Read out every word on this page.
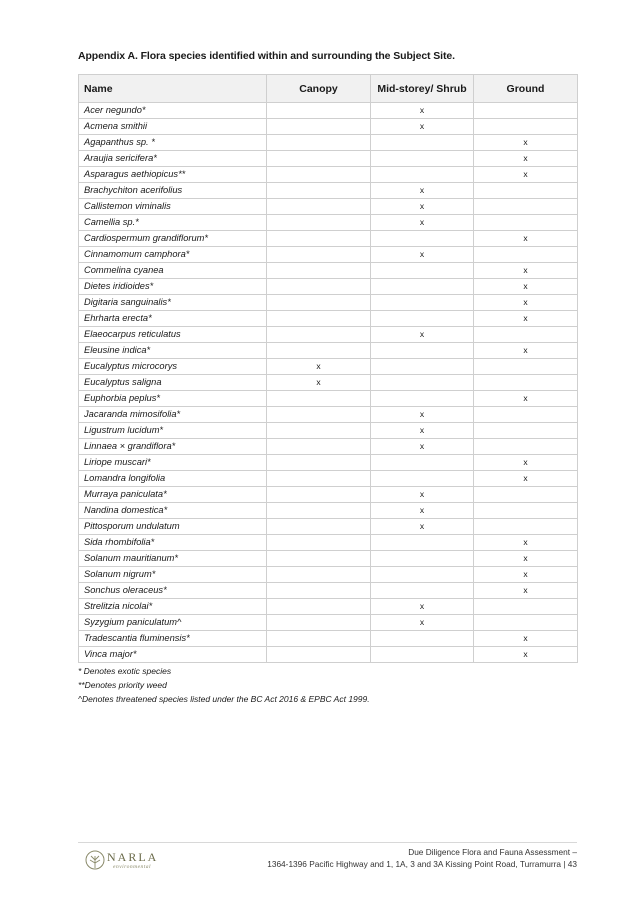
Appendix A. Flora species identified within and surrounding the Subject Site.
Name	Canopy	Mid-storey/ Shrub	Ground
Acer negundo*		x	
Acmena smithii		x	
Agapanthus sp. *			x
Araujia sericifera*			x
Asparagus aethiopicus**			x
Brachychiton acerifolius		x	
Callistemon viminalis		x	
Camellia sp.*		x	
Cardiospermum grandiflorum*			x
Cinnamomum camphora*		x	
Commelina cyanea			x
Dietes iridioides*			x
Digitaria sanguinalis*			x
Ehrharta erecta*			x
Elaeocarpus reticulatus		x	
Eleusine indica*			x
Eucalyptus microcorys	x		
Eucalyptus saligna	x		
Euphorbia peplus*			x
Jacaranda mimosifolia*		x	
Ligustrum lucidum*		x	
Linnaea × grandiflora*		x	
Liriope muscari*			x
Lomandra longifolia			x
Murraya paniculata*		x	
Nandina domestica*		x	
Pittosporum undulatum		x	
Sida rhombifolia*			x
Solanum mauritianum*			x
Solanum nigrum*			x
Sonchus oleraceus*			x
Strelitzia nicolai*		x	
Syzygium paniculatum^		x	
Tradescantia fluminensis*			x
Vinca major*			x
* Denotes exotic species
**Denotes priority weed
^Denotes threatened species listed under the BC Act 2016 & EPBC Act 1999.
NARLA
environmental
Due Diligence Flora and Fauna Assessment –
1364-1396 Pacific Highway and 1, 1A, 3 and 3A Kissing Point Road, Turramurra | 43
